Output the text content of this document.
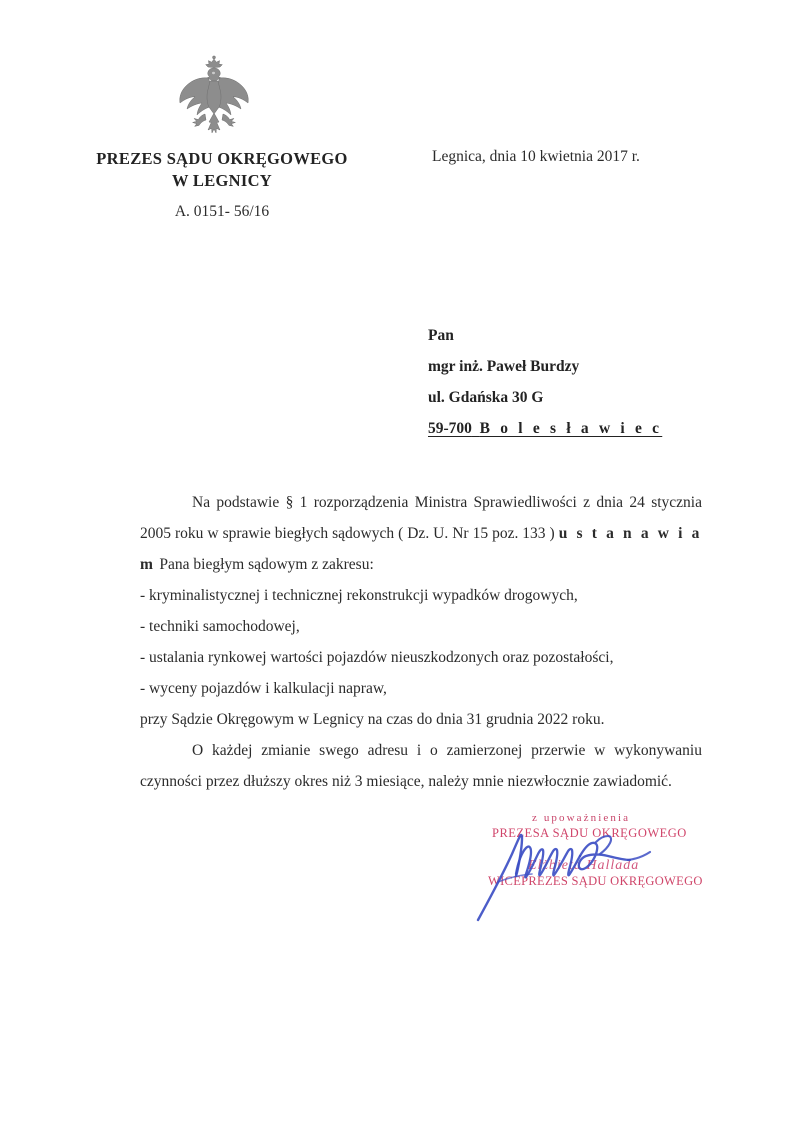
PREZES SĄDU OKRĘGOWEGO
W LEGNICY
A. 0151- 56/16
Legnica, dnia 10 kwietnia 2017 r.
Pan
mgr inż. Paweł Burdzy
ul. Gdańska 30 G
59-700 B o l e s ł a w i e c

Na podstawie § 1 rozporządzenia Ministra Sprawiedliwości z dnia 24 stycznia 2005 roku w sprawie biegłych sądowych ( Dz. U. Nr 15 poz. 133 ) u s t a n a w i a m Pana biegłym sądowym z zakresu:

- kryminalistycznej i technicznej rekonstrukcji wypadków drogowych,

- techniki samochodowej,

- ustalania rynkowej wartości pojazdów nieuszkodzonych oraz pozostałości,

- wyceny pojazdów i kalkulacji napraw,

przy Sądzie Okręgowym w Legnicy na czas do dnia 31 grudnia 2022 roku.

O każdej zmianie swego adresu i o zamierzonej przerwie w wykonywaniu czynności przez dłuższy okres niż 3 miesiące, należy mnie niezwłocznie zawiadomić.

z upoważnienia
PREZESA SĄDU OKRĘGOWEGO
Elżbieta Hallada
WICEPREZES SĄDU OKRĘGOWEGO
